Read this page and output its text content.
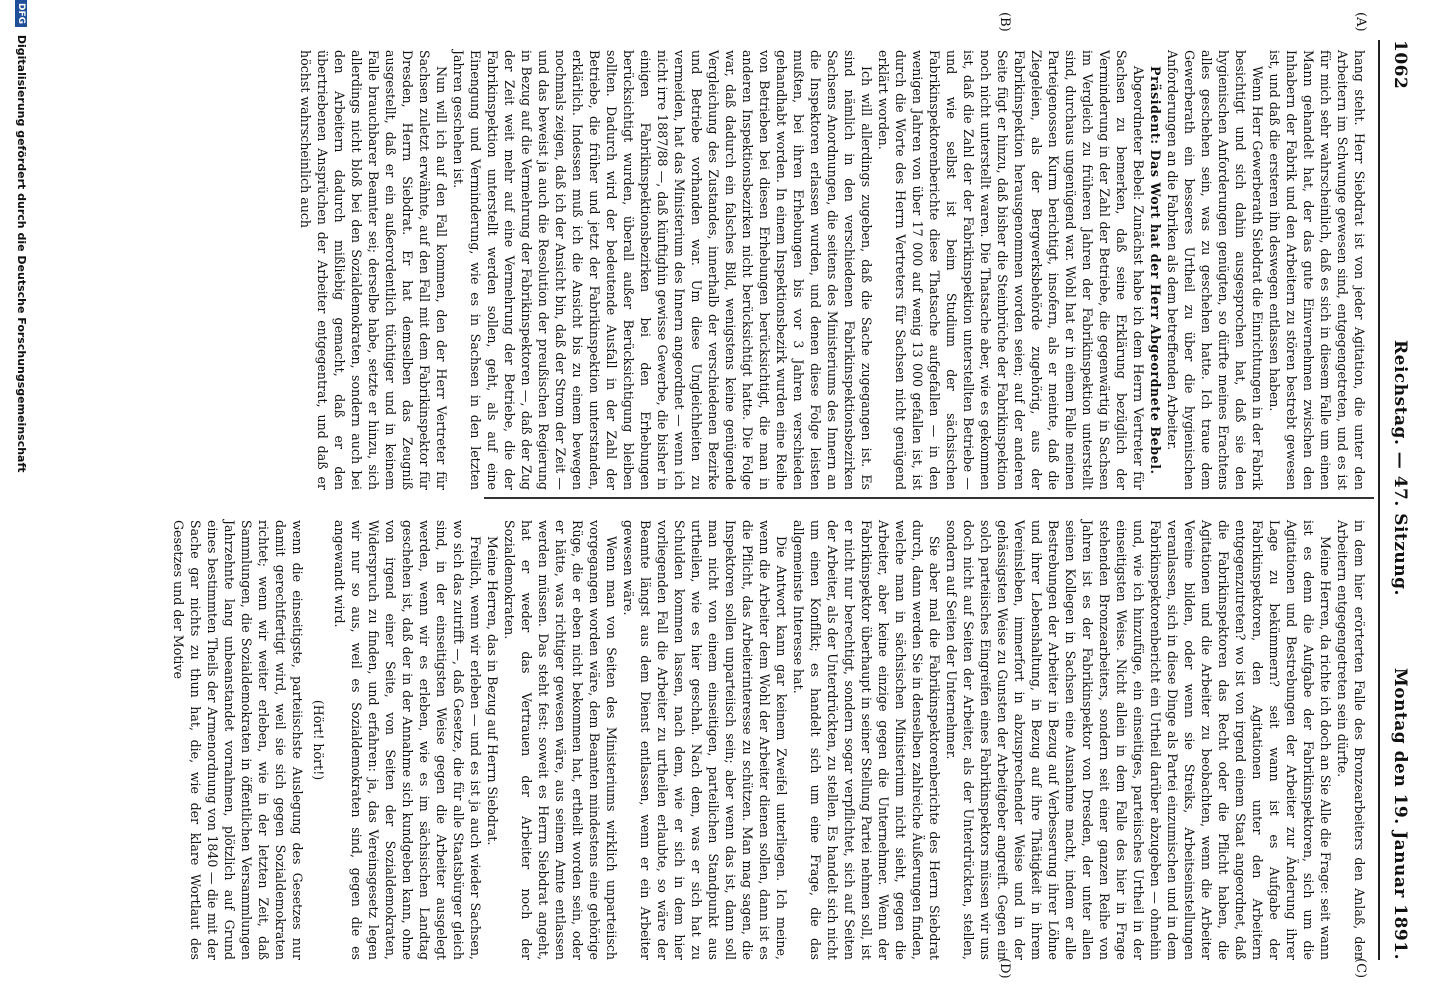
1062
Reichstag. — 47. Sitzung.
Montag den 19. Januar 1891.
(A)
(B)
(C)
(D)

hang steht. Herr Siebdrat ist von jeder Agitation, die unter den Arbeitern im Schwunge gewesen sind, entgegengetreten, und es ist für mich sehr wahrscheinlich, daß es sich in diesem Falle um einen Mann gehandelt hat, der das gute Einvernehmen zwischen den Inhabern der Fabrik und den Arbeitern zu stören bestrebt gewesen ist, und daß die ersteren ihn deswegen entlassen haben.

Wenn Herr Gewerberath Siebdrat die Einrichtungen in der Fabrik besichtigt und sich dahin ausgesprochen hat, daß sie den hygienischen Anforderungen genügten, so dürfte meines Erachtens alles geschehen sein, was zu geschehen hatte. Ich traue dem Gewerberath ein besseres Urtheil zu über die hygienischen Anforderungen an die Fabriken als dem betreffenden Arbeiter.

Präsident: Das Wort hat der Herr Abgeordnete Bebel.

Abgeordneter Bebel: Zunächst habe ich dem Herrn Vertreter für Sachsen zu bemerken, daß seine Erklärung bezüglich der Verminderung in der Zahl der Betriebe, die gegenwärtig in Sachsen im Vergleich zu früheren Jahren der Fabrikinspektion unterstellt sind, durchaus ungenügend war. Wohl hat er in einem Falle meinen Parteigenossen Kurm berichtigt, insofern, als er meinte, daß die Ziegeleien, als der Bergwerksbehörde zugehörig, aus der Fabrikinspektion herausgenommen worden seien; auf der anderen Seite fügt er hinzu, daß bisher die Steinbrüche der Fabrikinspektion noch nicht unterstellt waren. Die Thatsache aber, wie es gekommen ist, daß die Zahl der der Fabrikinspektion unterstellten Betriebe — und wie selbst ist beim Studium der sächsischen Fabrikinspektorenberichte diese Thatsache aufgefallen — in den wenigen Jahren von über 17 000 auf wenig 13 000 gefallen ist, ist durch die Worte des Herrn Vertreters für Sachsen nicht genügend erklärt worden.

Ich will allerdings zugeben, daß die Sache zugegangen ist. Es sind nämlich in den verschiedenen Fabrikinspektionsbezirken Sachsens Anordnungen, die seitens des Ministeriums des Innern an die Inspektoren erlassen wurden, und denen diese Folge leisten mußten, bei ihren Erhebungen bis vor 3 Jahren verschieden gehandhabt worden. In einem Inspektionsbezirk wurden eine Reihe von Betrieben bei diesen Erhebungen berücksichtigt, die man in anderen Inspektionsbezirken nicht berücksichtigt hatte. Die Folge war, daß dadurch ein falsches Bild, wenigstens keine genügende Vergleichung des Zustandes, innerhalb der verschiedenen Bezirke und Betriebe vorhanden war. Um diese Ungleichheiten zu vermeiden, hat das Ministerium des Innern angeordnet — wenn ich nicht irre 1887/88 —, daß künftighin gewisse Gewerbe, die bisher in einigen Fabrikinspektionsbezirken bei den Erhebungen berücksichtigt wurden, überall außer Berücksichtigung bleiben sollten. Dadurch wird der bedeutende Ausfall in der Zahl der Betriebe, die früher und jetzt der Fabrikinspektion unterstanden, erklärlich. Indessen muß ich die Ansicht bis zu einem bewegen nochmals zeigen, daß ich der Ansicht bin, daß der Strom der Zeit — und das beweist ja auch die Resolution der preußischen Regierung in Bezug auf die Vermehrung der Fabrikinspektoren —, daß der Zug der Zeit weit mehr auf eine Vermehrung der Betriebe, die der Fabrikinspektion unterstellt werden sollen, geht, als auf eine Einengung und Verminderung, wie es in Sachsen in den letzten Jahren geschehen ist.

Nun will ich auf den Fall kommen, den der Herr Vertreter für Sachsen zuletzt erwähnte, auf den Fall mit dem Fabrikinspektor für Dresden, Herrn Siebdrat. Er hat demselben das Zeugniß ausgestellt, daß er ein außerordentlich tüchtiger und in keinem Falle brauchbarer Beamter sei; derselbe habe, setzte er hinzu, sich allerdings nicht bloß bei den Sozialdemokraten, sondern auch bei den Arbeitern dadurch mißliebig gemacht, daß er den übertriebenen Ansprüchen der Arbeiter entgegentrat, und daß er höchst wahrscheinlich auch

in dem hier erörterten Falle des Bronzearbeiters den Anlaß, den Arbeitern entgegengetreten sein dürfte.

Meine Herren, da richte ich doch an Sie Alle die Frage: seit wann ist es denn die Aufgabe der Fabrikinspektoren, sich um die Agitationen und Bestrebungen der Arbeiter zur Änderung ihrer Lage zu bekümmern? seit wann ist es Aufgabe der Fabrikinspektoren, den Agitationen unter den Arbeitern entgegenzutreten? wo ist von irgend einem Staat angeordnet, daß die Fabrikinspektoren das Recht oder die Pflicht haben, die Agitationen und die Arbeiter zu beobachten, wenn die Arbeiter Vereine bilden, oder wenn sie Streiks, Arbeitseinstellungen veranlassen, sich in diese Dinge als Partei einzumischen und in dem Fabrikinspektorenbericht ein Urtheil darüber abzugeben — ohnehin und, wie ich hinzufüge, ein einseitiges, parteiisches Urtheil in der einseitigsten Weise. Nicht allein in dem Falle des hier in Frage stehenden Bronzearbeiters, sondern seit einer ganzen Reihe von Jahren ist es der Fabrikinspektor von Dresden, der unter allen seinen Kollegen in Sachsen eine Ausnahme macht, indem er alle Bestrebungen der Arbeiter in Bezug auf Verbesserung ihrer Löhne und ihrer Lebenshaltung, in Bezug auf ihre Thätigkeit in ihrem Vereinsleben, immerfort in abzusprechender Weise und in der gehässigsten Weise zu Gunsten der Arbeitgeber angreift. Gegen ein solch parteiisches Eingreifen eines Fabrikinspektors müssen wir uns doch nicht auf Seiten der Arbeiter, als der Unterdrückten, stellen, sondern auf Seiten der Unternehmer.

Sie aber mal die Fabrikinspektorenberichte des Herrn Siebdrat durch, dann werden Sie in denselben zahlreiche Äußerungen finden, welche man in sächsischen Ministerium nicht sieht, gegen die Arbeiter, aber keine einzige gegen die Unternehmer. Wenn der Fabrikinspektor überhaupt in seiner Stellung Partei nehmen soll, ist er nicht nur berechtigt, sondern sogar verpflichtet, sich auf Seiten der Arbeiter, als der Unterdrückten, zu stellen. Es handelt sich nicht um einen Konflikt; es handelt sich um eine Frage, die das allgemeinste Interesse hat.

Die Antwort kann gar keinem Zweifel unterliegen. Ich meine, wenn die Arbeiter dem Wohl der Arbeiter dienen sollen, dann ist es die Pflicht, das Arbeiterinteresse zu schützen. Man mag sagen, die Inspektoren sollen unparteiisch sein; aber wenn das ist, dann soll man nicht von einem einseitigen, parteilichen Standpunkt aus urtheilen, wie es hier geschah. Nach dem, was er sich hat zu Schulden kommen lassen, nach dem, wie er sich in dem hier vorliegenden Fall die Arbeiter zu urtheilen erlaubte, so wäre der Beamte längst aus dem Dienst entlassen, wenn er ein Arbeiter gewesen wäre.

Wenn man von Seiten des Ministeriums wirklich unparteiisch vorgegangen worden wäre, dem Beamten mindestens eine gehörige Rüge, die er eben nicht bekommen hat, ertheilt worden sein, oder er hätte, was richtiger gewesen wäre, aus seinem Amte entlassen werden müssen. Das steht fest: soweit es Herrn Siebdrat angeht, hat er weder das Vertrauen der Arbeiter noch der Sozialdemokraten.

Meine Herren, das in Bezug auf Herrn Siebdrat.

Freilich, wenn wir erleben — und es ist ja auch wieder Sachsen, wo sich das zutrifft —, daß Gesetze, die für alle Staatsbürger gleich sind, in der einseitigsten Weise gegen die Arbeiter ausgelegt werden, wenn wir es erleben, wie es im sächsischen Landtag geschehen ist, daß der in der Annahme sich kundgeben kann, ohne von irgend einer Seite, von Seiten der Sozialdemokraten, Widerspruch zu finden, und erfahren: ja, das Vereinsgesetz legen wir nur so aus, weil es Sozialdemokraten sind, gegen die es angewandt wird.

(Hört! hört!)

wenn die einseitigste, parteiischste Auslegung des Gesetzes nur damit gerechtfertigt wird, weil sie sich gegen Sozialdemokraten richtet; wenn wir weiter erleben, wie in der letzten Zeit, daß Sammlungen, die Sozialdemokraten in öffentlichen Versammlungen Jahrzehnte lang unbeanstandet vornahmen, plötzlich auf Grund eines bestimmten Theils der Armenordnung von 1840 — die mit der Sache gar nichts zu thun hat, die, wie der klare Wortlaut des Gesetzes und der Motive

DFG Digitalisierung gefördert durch die Deutsche Forschungsgemeinschaft
